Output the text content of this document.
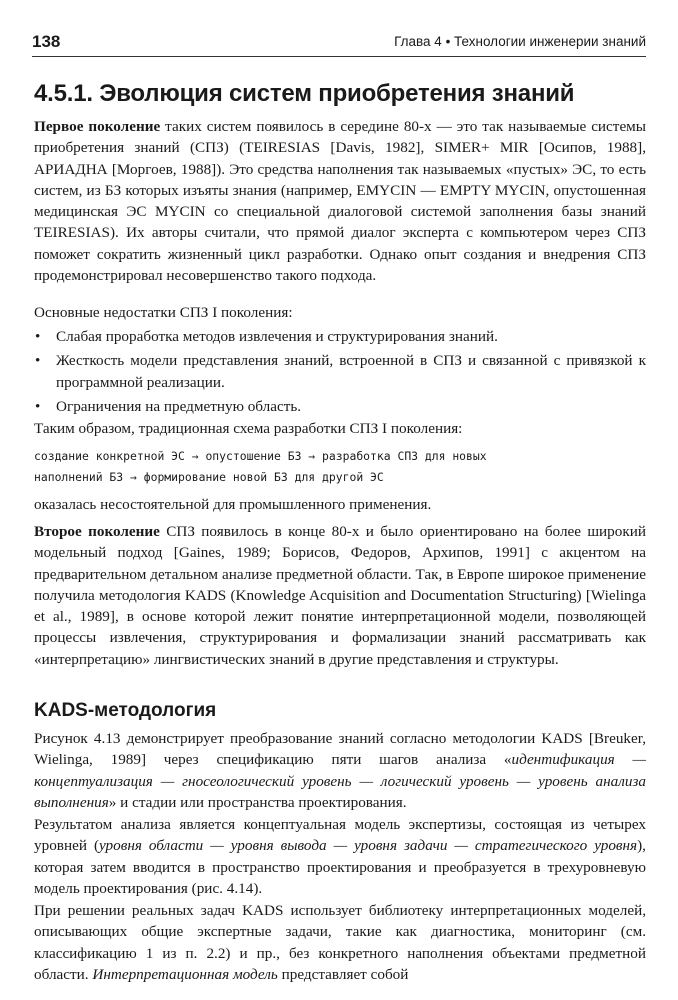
138	Глава 4 • Технологии инженерии знаний
4.5.1. Эволюция систем приобретения знаний

Первое поколение таких систем появилось в середине 80-х — это так называемые системы приобретения знаний (СПЗ) (TEIRESIAS [Davis, 1982], SIMER+ MIR [Осипов, 1988], АРИАДНА [Моргоев, 1988]). Это средства наполнения так называемых «пустых» ЭС, то есть систем, из БЗ которых изъяты знания (например, EMYCIN — EMPTY MYCIN, опустошенная медицинская ЭС MYCIN со специальной диалоговой системой заполнения базы знаний TEIRESIAS). Их авторы считали, что прямой диалог эксперта с компьютером через СПЗ поможет сократить жизненный цикл разработки. Однако опыт создания и внедрения СПЗ продемонстрировал несовершенство такого подхода.

Основные недостатки СПЗ I поколения:
• Слабая проработка методов извлечения и структурирования знаний.
• Жесткость модели представления знаний, встроенной в СПЗ и связанной с привязкой к программной реализации.
• Ограничения на предметную область.
Таким образом, традиционная схема разработки СПЗ I поколения:
создание конкретной ЭС → опустошение БЗ → разработка СПЗ для новых
наполнений БЗ → формирование новой БЗ для другой ЭС
оказалась несостоятельной для промышленного применения.

Второе поколение СПЗ появилось в конце 80-х и было ориентировано на более широкий модельный подход [Gaines, 1989; Борисов, Федоров, Архипов, 1991] с акцентом на предварительном детальном анализе предметной области. Так, в Европе широкое применение получила методология KADS (Knowledge Acquisition and Documentation Structuring) [Wielinga et al., 1989], в основе которой лежит понятие интерпретационной модели, позволяющей процессы извлечения, структурирования и формализации знаний рассматривать как «интерпретацию» лингвистических знаний в другие представления и структуры.

KADS-методология

Рисунок 4.13 демонстрирует преобразование знаний согласно методологии KADS [Breuker, Wielinga, 1989] через спецификацию пяти шагов анализа «идентификация — концептуализация — гносеологический уровень — логический уровень — уровень анализа выполнения» и стадии или пространства проектирования.

Результатом анализа является концептуальная модель экспертизы, состоящая из четырех уровней (уровня области — уровня вывода — уровня задачи — стратегического уровня), которая затем вводится в пространство проектирования и преобразуется в трехуровневую модель проектирования (рис. 4.14).

При решении реальных задач KADS использует библиотеку интерпретационных моделей, описывающих общие экспертные задачи, такие как диагностика, мониторинг (см. классификацию 1 из п. 2.2) и пр., без конкретного наполнения объектами предметной области. Интерпретационная модель представляет собой
